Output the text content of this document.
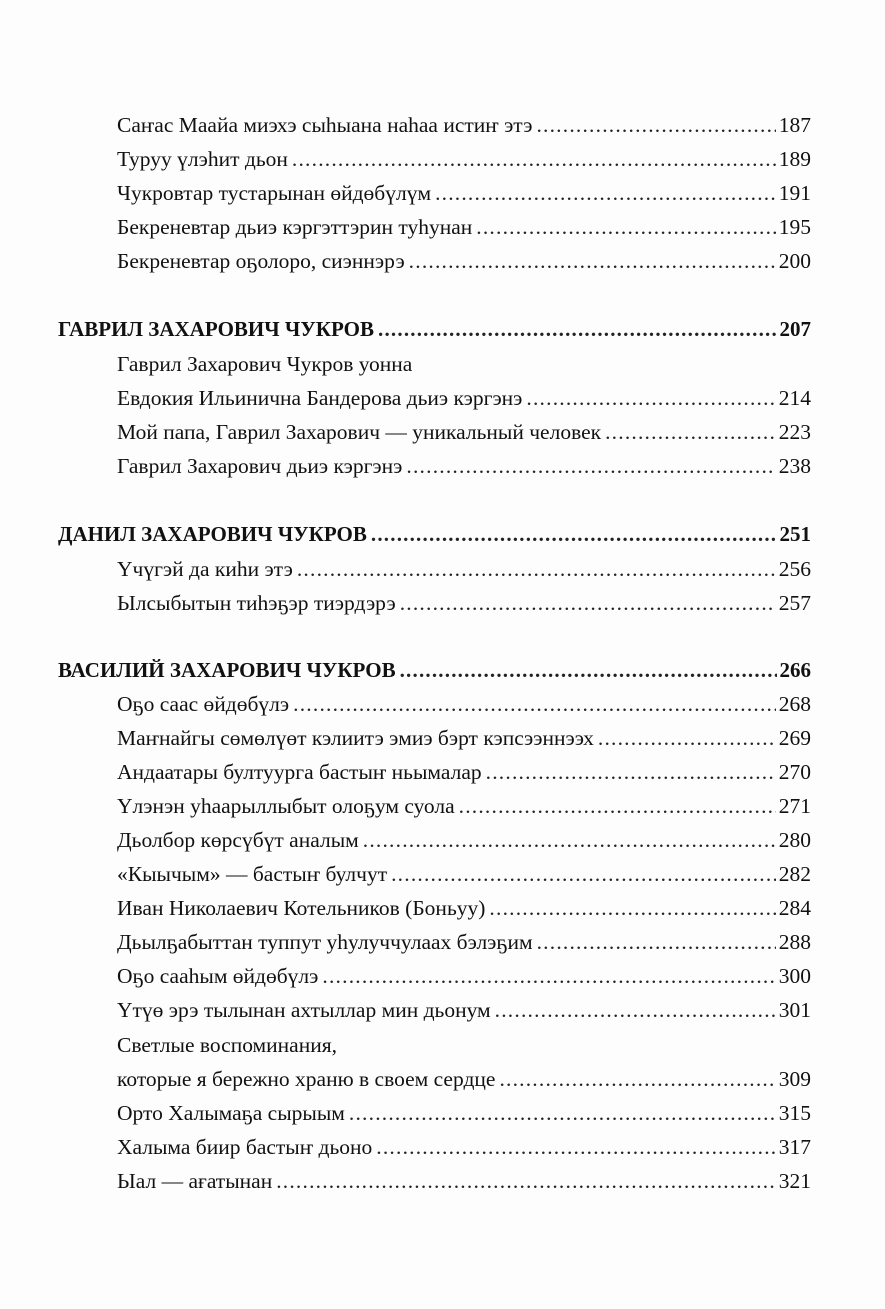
Саҥас Маайа миэхэ сыһыана наһаа истиҥ этэ .....	187
Туруу үлэһит дьон .....	189
Чукровтар тустарынан өйдөбүлүм .....	191
Бекреневтар дьиэ кэргэттэрин туһунан .....	195
Бекреневтар оҕолоро, сиэннэрэ .....	200
ГАВРИЛ ЗАХАРОВИЧ ЧУКРОВ .....	207
Гаврил Захарович Чукров уонна
Евдокия Ильинична Бандерова дьиэ кэргэнэ .....	214
Мой папа, Гаврил Захарович — уникальный человек .....	223
Гаврил Захарович дьиэ кэргэнэ .....	238
ДАНИЛ ЗАХАРОВИЧ ЧУКРОВ .....	251
Үчүгэй да киһи этэ .....	256
Ылсыбытын тиһэҕэр тиэрдэрэ .....	257
ВАСИЛИЙ ЗАХАРОВИЧ ЧУКРОВ .....	266
Оҕо саас өйдөбүлэ .....	268
Маҥнайгы сөмөлүөт кэлиитэ эмиэ бэрт кэпсээннээх .....	269
Андаатары бултуурга бастыҥ ньымалар .....	270
Үлэнэн уһаарыллыбыт олоҕум суола .....	271
Дьолбор көрсүбүт аналым .....	280
«Кыычым» — бастыҥ булчут .....	282
Иван Николаевич Котельников (Боньуу) .....	284
Дьылҕабыттан туппут уһулуччулаах бэлэҕим .....	288
Оҕо сааһым өйдөбүлэ .....	300
Үтүө эрэ тылынан ахтыллар мин дьонум .....	301
Светлые воспоминания,
которые я бережно храню в своем сердце .....	309
Орто Халымаҕа сырыым .....	315
Халыма биир бастыҥ дьоно .....	317
Ыал — ағатынан .....	321
